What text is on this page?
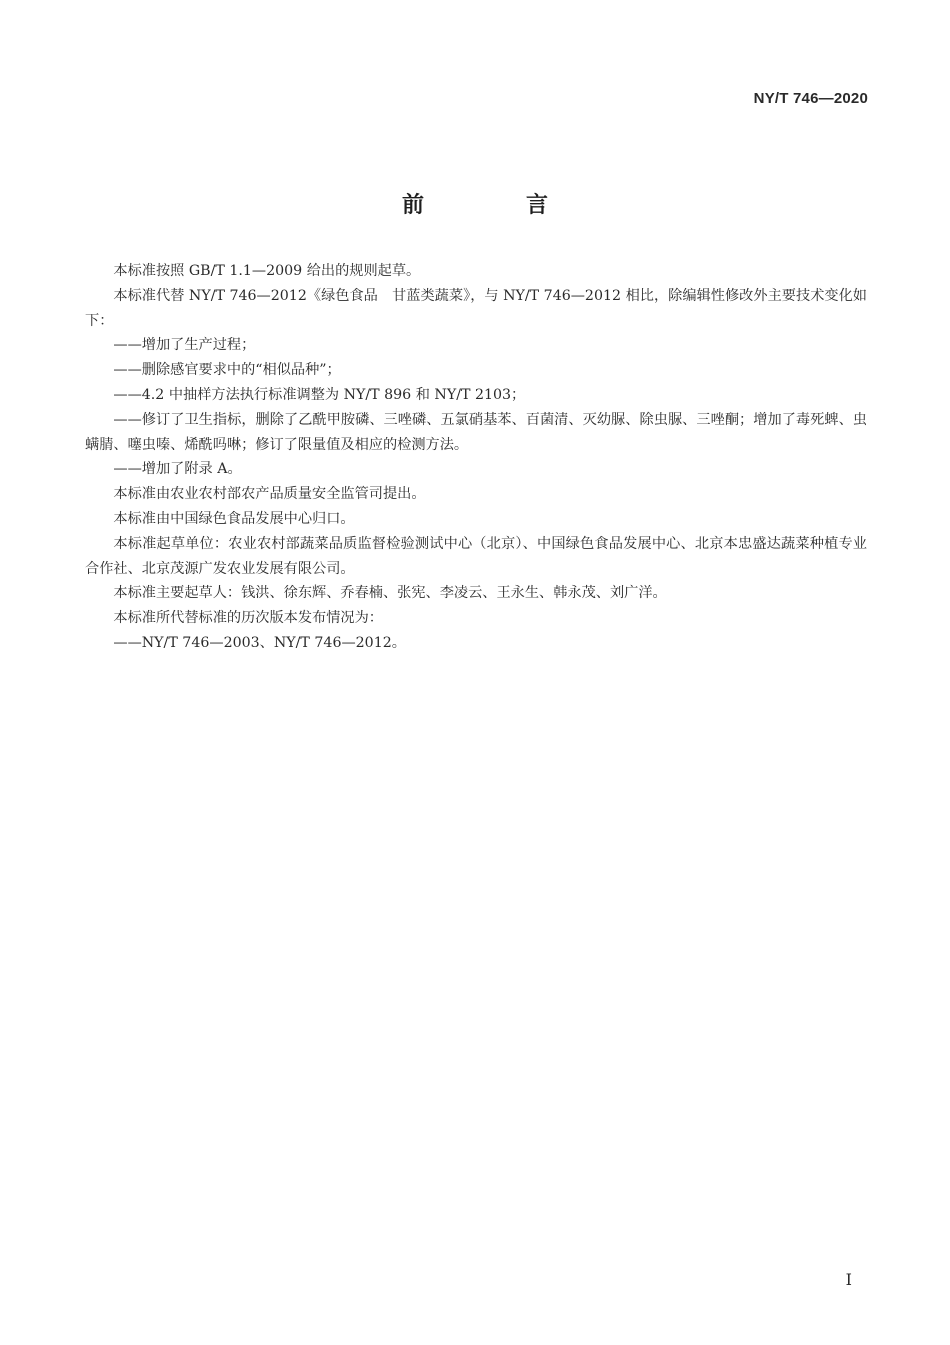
NY/T 746—2020
前　言

本标准按照 GB/T 1.1—2009 给出的规则起草。

本标准代替 NY/T 746—2012《绿色食品　甘蓝类蔬菜》，与 NY/T 746—2012 相比，除编辑性修改外主要技术变化如下：

——增加了生产过程；

——删除感官要求中的“相似品种”；

——4.2 中抽样方法执行标准调整为 NY/T 896 和 NY/T 2103；

——修订了卫生指标，删除了乙酰甲胺磷、三唑磷、五氯硝基苯、百菌清、灭幼脲、除虫脲、三唑酮；增加了毒死蜱、虫螨腈、噻虫嗪、烯酰吗啉；修订了限量值及相应的检测方法。

——增加了附录 A。

本标准由农业农村部农产品质量安全监管司提出。

本标准由中国绿色食品发展中心归口。

本标准起草单位：农业农村部蔬菜品质监督检验测试中心（北京）、中国绿色食品发展中心、北京本忠盛达蔬菜种植专业合作社、北京茂源广发农业发展有限公司。

本标准主要起草人：钱洪、徐东辉、乔春楠、张宪、李凌云、王永生、韩永茂、刘广洋。

本标准所代替标准的历次版本发布情况为：

——NY/T 746—2003、NY/T 746—2012。

I
